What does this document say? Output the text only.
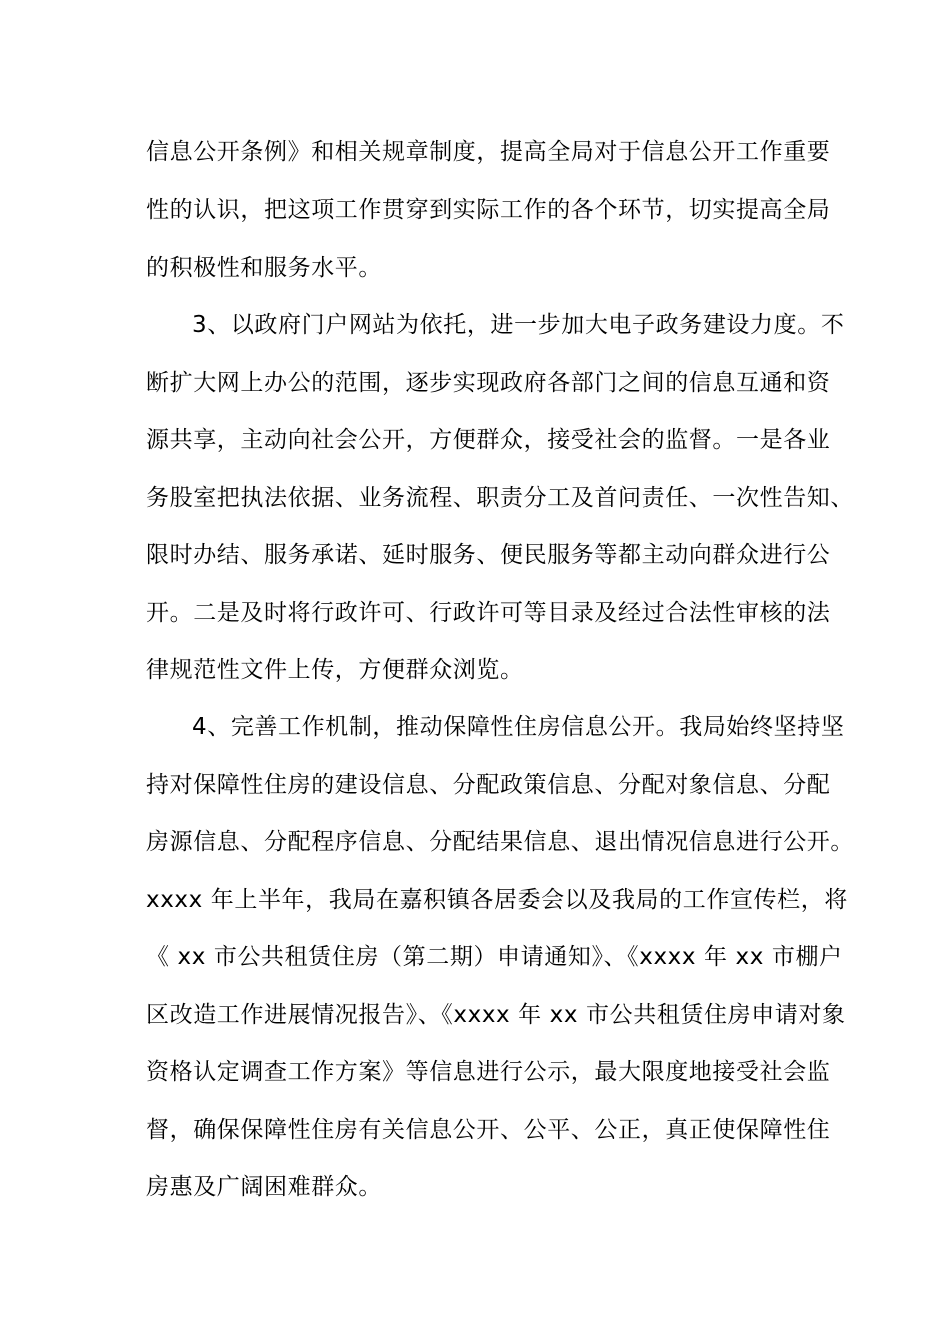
信息公开条例》和相关规章制度，提高全局对于信息公开工作重要
性的认识，把这项工作贯穿到实际工作的各个环节，切实提高全局
的积极性和服务水平。
3、以政府门户网站为依托，进一步加大电子政务建设力度。不
断扩大网上办公的范围，逐步实现政府各部门之间的信息互通和资
源共享，主动向社会公开，方便群众，接受社会的监督。一是各业
务股室把执法依据、业务流程、职责分工及首问责任、一次性告知、
限时办结、服务承诺、延时服务、便民服务等都主动向群众进行公
开。二是及时将行政许可、行政许可等目录及经过合法性审核的法
律规范性文件上传，方便群众浏览。
4、完善工作机制，推动保障性住房信息公开。我局始终坚持坚
持对保障性住房的建设信息、分配政策信息、分配对象信息、分配
房源信息、分配程序信息、分配结果信息、退出情况信息进行公开。
xxxx 年上半年，我局在嘉积镇各居委会以及我局的工作宣传栏，将
《 xx 市公共租赁住房（第二期）申请通知》、《xxxx 年 xx 市棚户
区改造工作进展情况报告》、《xxxx 年 xx 市公共租赁住房申请对象
资格认定调查工作方案》等信息进行公示，最大限度地接受社会监
督，确保保障性住房有关信息公开、公平、公正，真正使保障性住
房惠及广阔困难群众。
